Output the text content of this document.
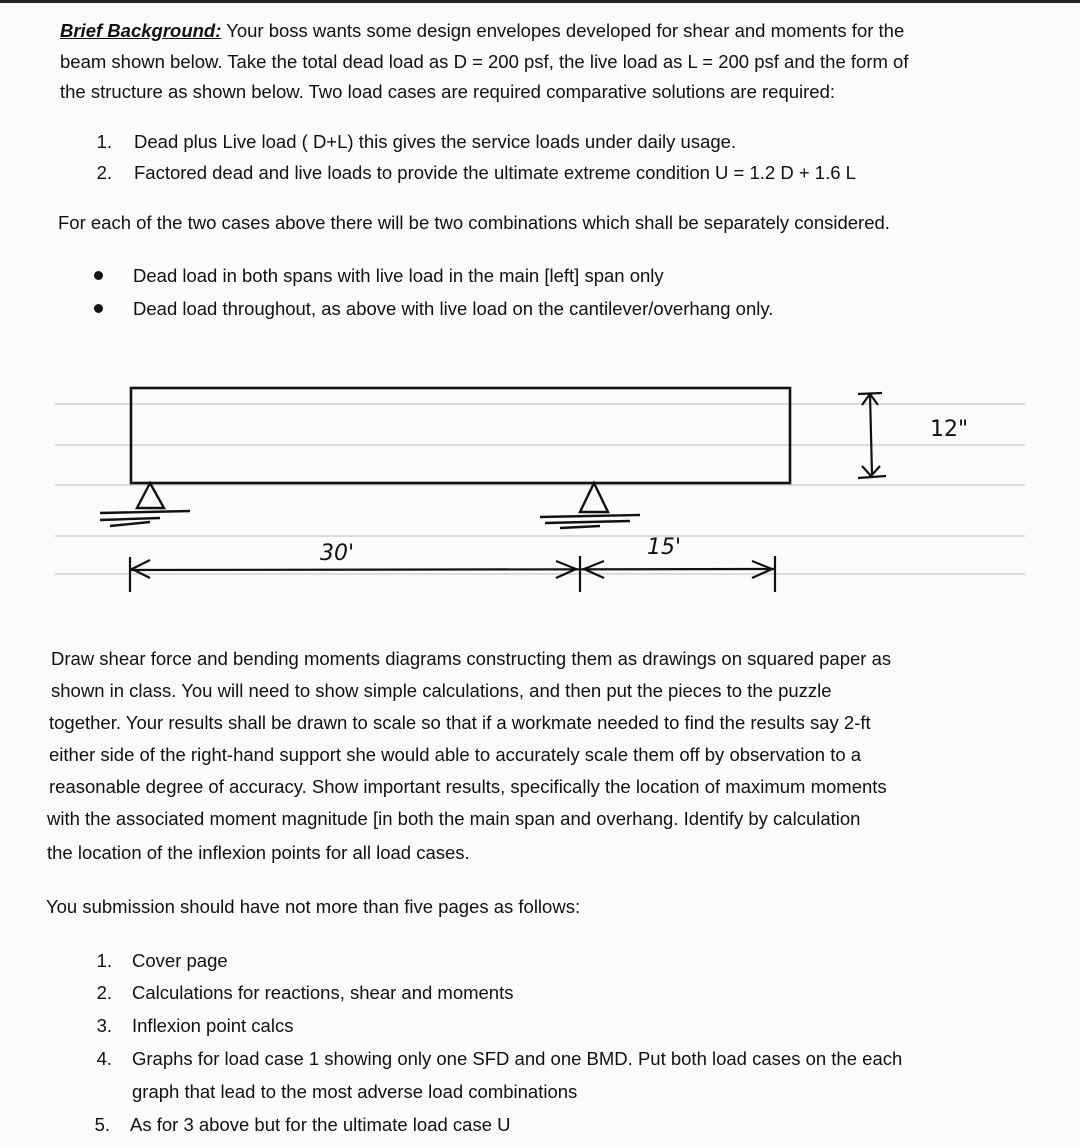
Brief Background: Your boss wants some design envelopes developed for shear and moments for the
beam shown below. Take the total dead load as D = 200 psf, the live load as L = 200 psf and the form of
the structure as shown below. Two load cases are required comparative solutions are required:
1. Dead plus Live load ( D+L) this gives the service loads under daily usage.
2. Factored dead and live loads to provide the ultimate extreme condition U = 1.2 D + 1.6 L
For each of the two cases above there will be two combinations which shall be separately considered.
Dead load in both spans with live load in the main [left] span only
Dead load throughout, as above with live load on the cantilever/overhang only.
12"
30'	15'
Draw shear force and bending moments diagrams constructing them as drawings on squared paper as
shown in class. You will need to show simple calculations, and then put the pieces to the puzzle
together. Your results shall be drawn to scale so that if a workmate needed to find the results say 2-ft
either side of the right-hand support she would able to accurately scale them off by observation to a
reasonable degree of accuracy. Show important results, specifically the location of maximum moments
with the associated moment magnitude [in both the main span and overhang. Identify by calculation
the location of the inflexion points for all load cases.
You submission should have not more than five pages as follows:
1. Cover page
2. Calculations for reactions, shear and moments
3. Inflexion point calcs
4. Graphs for load case 1 showing only one SFD and one BMD. Put both load cases on the each
graph that lead to the most adverse load combinations
5. As for 3 above but for the ultimate load case U
